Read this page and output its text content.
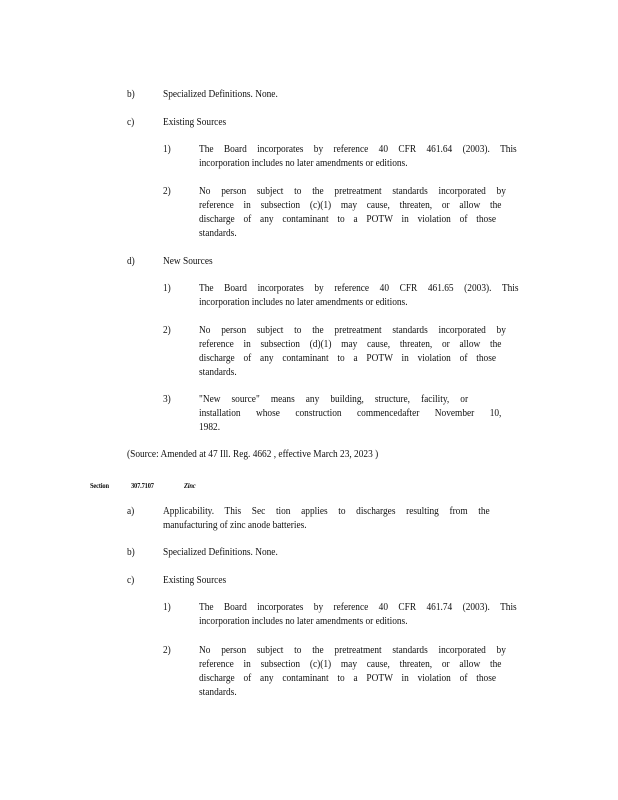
b)	Specialized Definitions. None.
c)	Existing Sources
1)	The Board incorporates by reference 40 CFR 461.64 (2003). This
incorporation includes no later amendments or editions.
2)	No person subject to the pretreatment standards incorporated by
reference in subsection (c)(1) may cause, threaten, or allow the
discharge of any contaminant to a POTW in violation of those
standards.
d)	New Sources
1)	The Board incorporates by reference 40 CFR 461.65 (2003). This
incorporation includes no later amendments or editions.
2)	No person subject to the pretreatment standards incorporated by
reference in subsection (d)(1) may cause, threaten, or allow the
discharge of any contaminant to a POTW in violation of those
standards.
3)	"New source" means any building, structure, facility, or
installation whose construction commencedafter November 10,
1982.
(Source: Amended at 47 Ill. Reg. 4662 , effective March 23, 2023 )
Section	307.7107	Zinc
a)	Applicability. This Sec tion applies to discharges resulting from the
manufacturing of zinc anode batteries.
b)	Specialized Definitions. None.
c)	Existing Sources
1)	The Board incorporates by reference 40 CFR 461.74 (2003). This
incorporation includes no later amendments or editions.
2)	No person subject to the pretreatment standards incorporated by
reference in subsection (c)(1) may cause, threaten, or allow the
discharge of any contaminant to a POTW in violation of those
standards.
